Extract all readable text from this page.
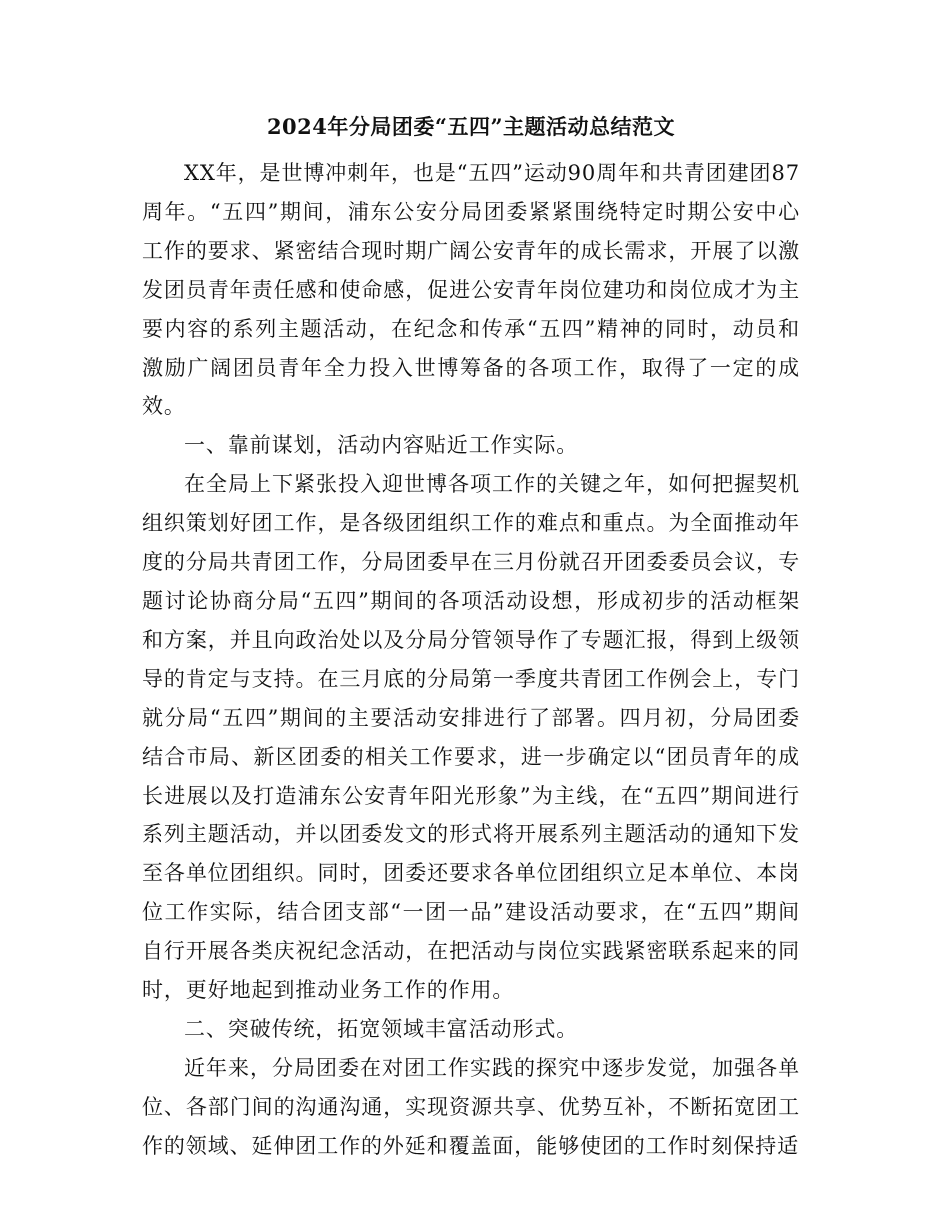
2024年分局团委“五四”主题活动总结范文

XX年，是世博冲刺年，也是“五四”运动90周年和共青团建团87周年。“五四”期间，浦东公安分局团委紧紧围绕特定时期公安中心工作的要求、紧密结合现时期广阔公安青年的成长需求，开展了以激发团员青年责任感和使命感，促进公安青年岗位建功和岗位成才为主要内容的系列主题活动，在纪念和传承“五四”精神的同时，动员和激励广阔团员青年全力投入世博筹备的各项工作，取得了一定的成效。

一、靠前谋划，活动内容贴近工作实际。

在全局上下紧张投入迎世博各项工作的关键之年，如何把握契机组织策划好团工作，是各级团组织工作的难点和重点。为全面推动年度的分局共青团工作，分局团委早在三月份就召开团委委员会议，专题讨论协商分局“五四”期间的各项活动设想，形成初步的活动框架和方案，并且向政治处以及分局分管领导作了专题汇报，得到上级领导的肯定与支持。在三月底的分局第一季度共青团工作例会上，专门就分局“五四”期间的主要活动安排进行了部署。四月初，分局团委结合市局、新区团委的相关工作要求，进一步确定以“团员青年的成长进展以及打造浦东公安青年阳光形象”为主线，在“五四”期间进行系列主题活动，并以团委发文的形式将开展系列主题活动的通知下发至各单位团组织。同时，团委还要求各单位团组织立足本单位、本岗位工作实际，结合团支部“一团一品”建设活动要求，在“五四”期间自行开展各类庆祝纪念活动，在把活动与岗位实践紧密联系起来的同时，更好地起到推动业务工作的作用。

二、突破传统，拓宽领域丰富活动形式。

近年来，分局团委在对团工作实践的探究中逐步发觉，加强各单位、各部门间的沟通沟通，实现资源共享、优势互补，不断拓宽团工作的领域、延伸团工作的外延和覆盖面，能够使团的工作时刻保持适
